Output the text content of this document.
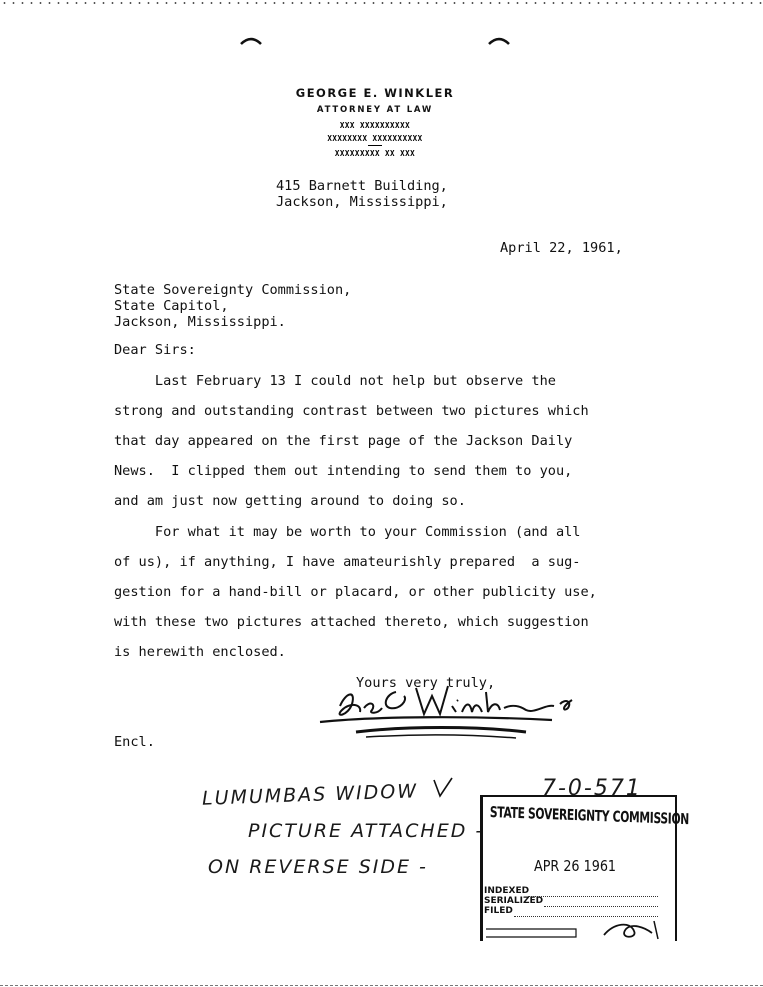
GEORGE E. WINKLER
ATTORNEY AT LAW
XXX XXXXXXXXXX
XXXXXXXX XXXXXXXXXX
XXXXXXXXX XX XXX
415 Barnett Building,
Jackson, Mississippi,
April 22, 1961,
State Sovereignty Commission,
State Capitol,
Jackson, Mississippi.
Dear Sirs:
Last February 13 I could not help but observe the
strong and outstanding contrast between two pictures which
that day appeared on the first page of the Jackson Daily
News.  I clipped them out intending to send them to you,
and am just now getting around to doing so.
For what it may be worth to your Commission (and all
of us), if anything, I have amateurishly prepared  a sug-
gestion for a hand-bill or placard, or other publicity use,
with these two pictures attached thereto, which suggestion
is herewith enclosed.
Yours very truly,
Encl.
LUMUMBAS WIDOW
PICTURE ATTACHED -
ON REVERSE SIDE -
7-0-571
STATE SOVEREIGNTY COMMISSION
APR 26 1961
INDEXED
SERIALIZED
FILED
